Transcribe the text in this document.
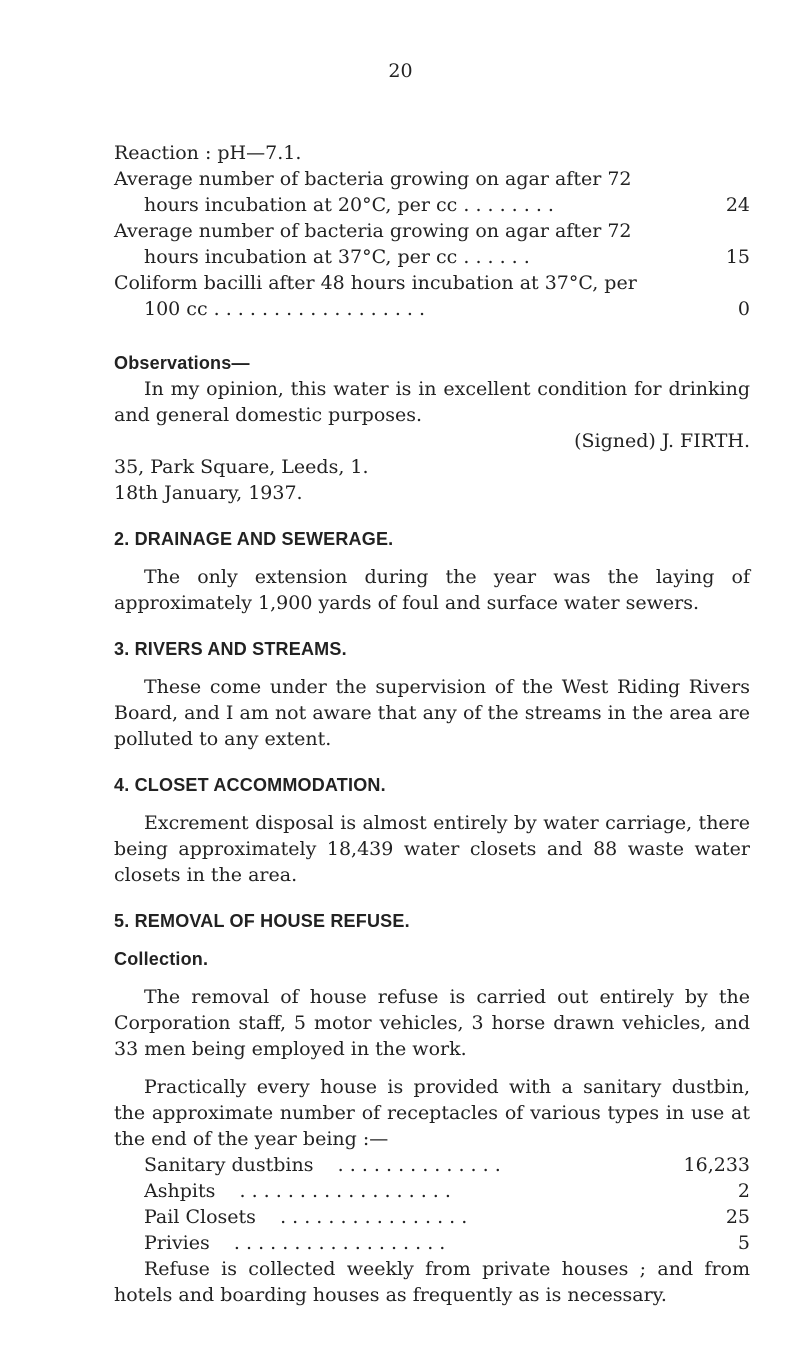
20
Reaction : pH—7.1.
Average number of bacteria growing on agar after 72
hours incubation at 20°C, per cc . . . . . . . .	24
Average number of bacteria growing on agar after 72
hours incubation at 37°C, per cc . . . . . .	15
Coliform bacilli after 48 hours incubation at 37°C, per
100 cc . . . . . . . . . . . . . . . . . .	0
Observations—

In my opinion, this water is in excellent condition for drinking and general domestic purposes.

(Signed) J. FIRTH.
35, Park Square, Leeds, 1.
18th January, 1937.
2. DRAINAGE AND SEWERAGE.

The only extension during the year was the laying of approximately 1,900 yards of foul and surface water sewers.

3. RIVERS AND STREAMS.

These come under the supervision of the West Riding Rivers Board, and I am not aware that any of the streams in the area are polluted to any extent.

4. CLOSET ACCOMMODATION.

Excrement disposal is almost entirely by water carriage, there being approximately 18,439 water closets and 88 waste water closets in the area.

5. REMOVAL OF HOUSE REFUSE.
Collection.

The removal of house refuse is carried out entirely by the Corporation staff, 5 motor vehicles, 3 horse drawn vehicles, and 33 men being employed in the work.

Practically every house is provided with a sanitary dustbin, the approximate number of receptacles of various types in use at the end of the year being :—

Sanitary dustbins . . . . . . . . . . . . . .	16,233
Ashpits . . . . . . . . . . . . . . . . . .	2
Pail Closets . . . . . . . . . . . . . . . .	25
Privies . . . . . . . . . . . . . . . . . .	5

Refuse is collected weekly from private houses ; and from hotels and boarding houses as frequently as is necessary.
